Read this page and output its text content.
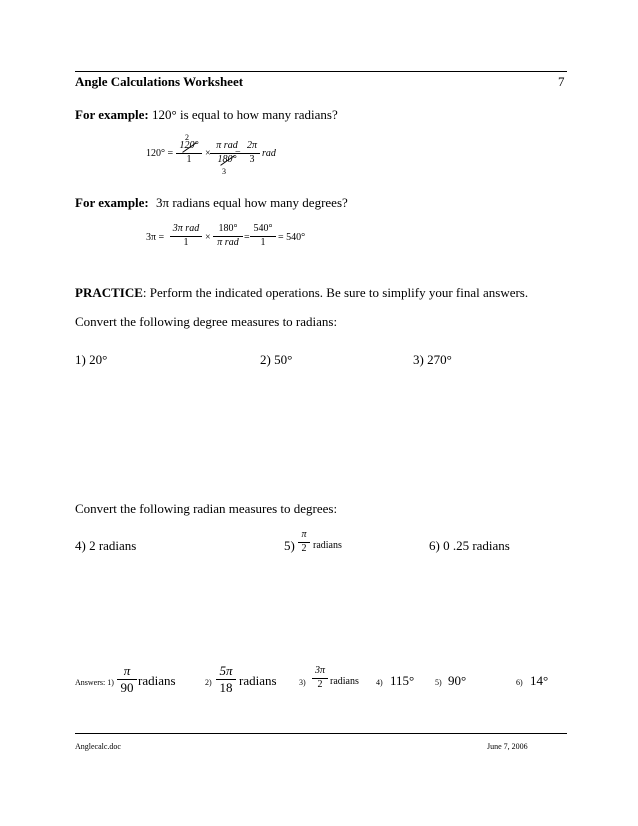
Angle Calculations Worksheet	7
For example: 120° is equal to how many radians?
2
$120^\circ = \frac{120^\circ}{1}$ ×
π rad
180°
= $\frac{2\pi}{3}$ rad
3
For example: 3π radians equal how many degrees?
3π =
3π rad
1	×
180°
π rad = $\frac{540^\circ}{1} = 540^\circ$
PRACTICE: Perform the indicated operations. Be sure to simplify your final answers.
Convert the following degree measures to radians:
1) 20°	2) 50°	3) 270°
Convert the following radian measures to degrees:
4) 2 radians	$5) \frac{\pi}{2}$ radians	6) 0 .25 radians
Answers: $1) \frac{\pi}{90}$ radians	$2) \frac{5\pi}{18}$ radians	$3) \frac{3\pi}{2}$ radians 4) 115°	5) 90°	6) 14°
Anglecalc.doc	June 7, 2006
